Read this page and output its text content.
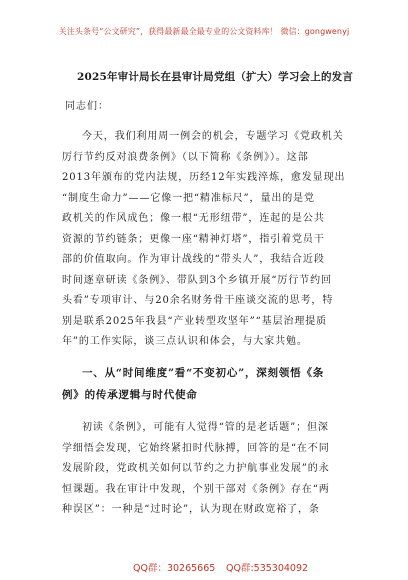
关注头条号“公文研究”，获得最新最全最专业的公文资料库！ 微信：gongwenyj
2025年审计局长在县审计局党组（扩大）学习会上的发言
同志们：
今天，我们利用周一例会的机会，专题学习《党政机关
厉行节约反对浪费条例》（以下简称《条例》）。这部
2013年颁布的党内法规，历经12年实践淬炼，愈发显现出
“制度生命力”——它像一把“精准标尺”，量出的是党
政机关的作风成色；像一根“无形纽带”，连起的是公共
资源的节约链条；更像一座“精神灯塔”，指引着党员干
部的价值取向。作为审计战线的“带头人”，我结合近段
时间逐章研读《条例》、带队到3个乡镇开展“厉行节约回
头看”专项审计、与20余名财务骨干座谈交流的思考，特
别是联系2025年我县“产业转型攻坚年”“基层治理提质
年”的工作实际，谈三点认识和体会，与大家共勉。
一、从“时间维度”看“不变初心”，深刻领悟《条
例》的传承逻辑与时代使命
初读《条例》，可能有人觉得“管的是老话题”；但深
学细悟会发现，它始终紧扣时代脉搏，回答的是“在不同
发展阶段，党政机关如何以节约之力护航事业发展”的永
恒课题。我在审计中发现，个别干部对《条例》存在“两
种误区”：一种是“过时论”，认为现在财政宽裕了，条
QQ群：30265665 QQ群:535304092
